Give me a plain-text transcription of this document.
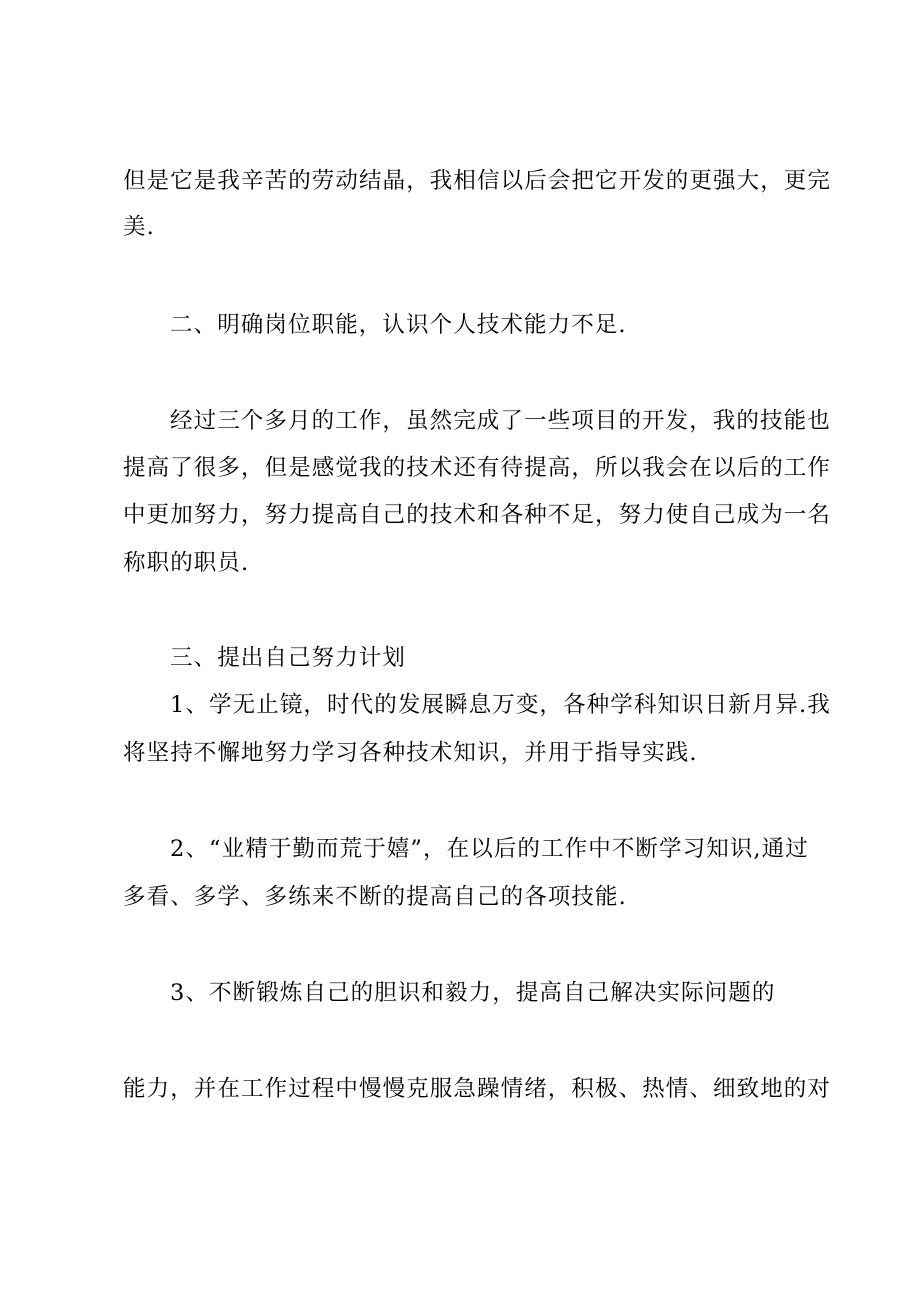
但是它是我辛苦的劳动结晶，我相信以后会把它开发的更强大，更完
美.
二、明确岗位职能，认识个人技术能力不足.
经过三个多月的工作，虽然完成了一些项目的开发，我的技能也
提高了很多，但是感觉我的技术还有待提高，所以我会在以后的工作
中更加努力，努力提高自己的技术和各种不足，努力使自己成为一名
称职的职员.
三、提出自己努力计划
1、学无止镜，时代的发展瞬息万变，各种学科知识日新月异.我
将坚持不懈地努力学习各种技术知识，并用于指导实践.
2、“业精于勤而荒于嬉”，在以后的工作中不断学习知识,通过
多看、多学、多练来不断的提高自己的各项技能.
3、不断锻炼自己的胆识和毅力，提高自己解决实际问题的
能力，并在工作过程中慢慢克服急躁情绪，积极、热情、细致地的对
